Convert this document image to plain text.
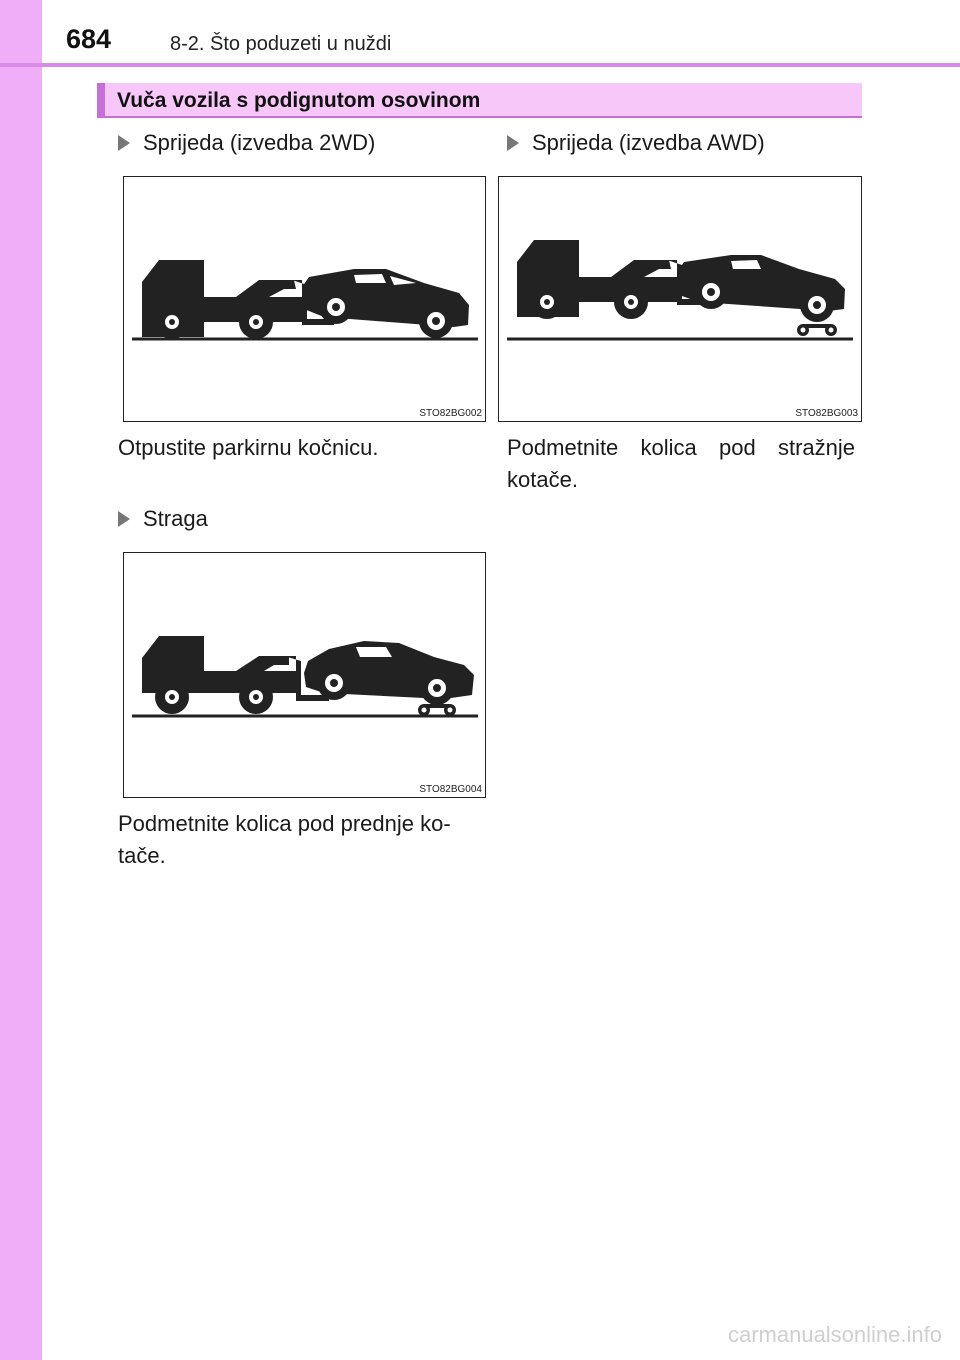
684	8-2. Što poduzeti u nuždi
Vuča vozila s podignutom osovinom
Sprijeda (izvedba 2WD)
STO82BG002
Otpustite parkirnu kočnicu.
Sprijeda (izvedba AWD)
STO82BG003
Podmetnite kolica pod stražnje kotače.
Straga
STO82BG004
Podmetnite kolica pod prednje ko-tače.
carmanualsonline.info
